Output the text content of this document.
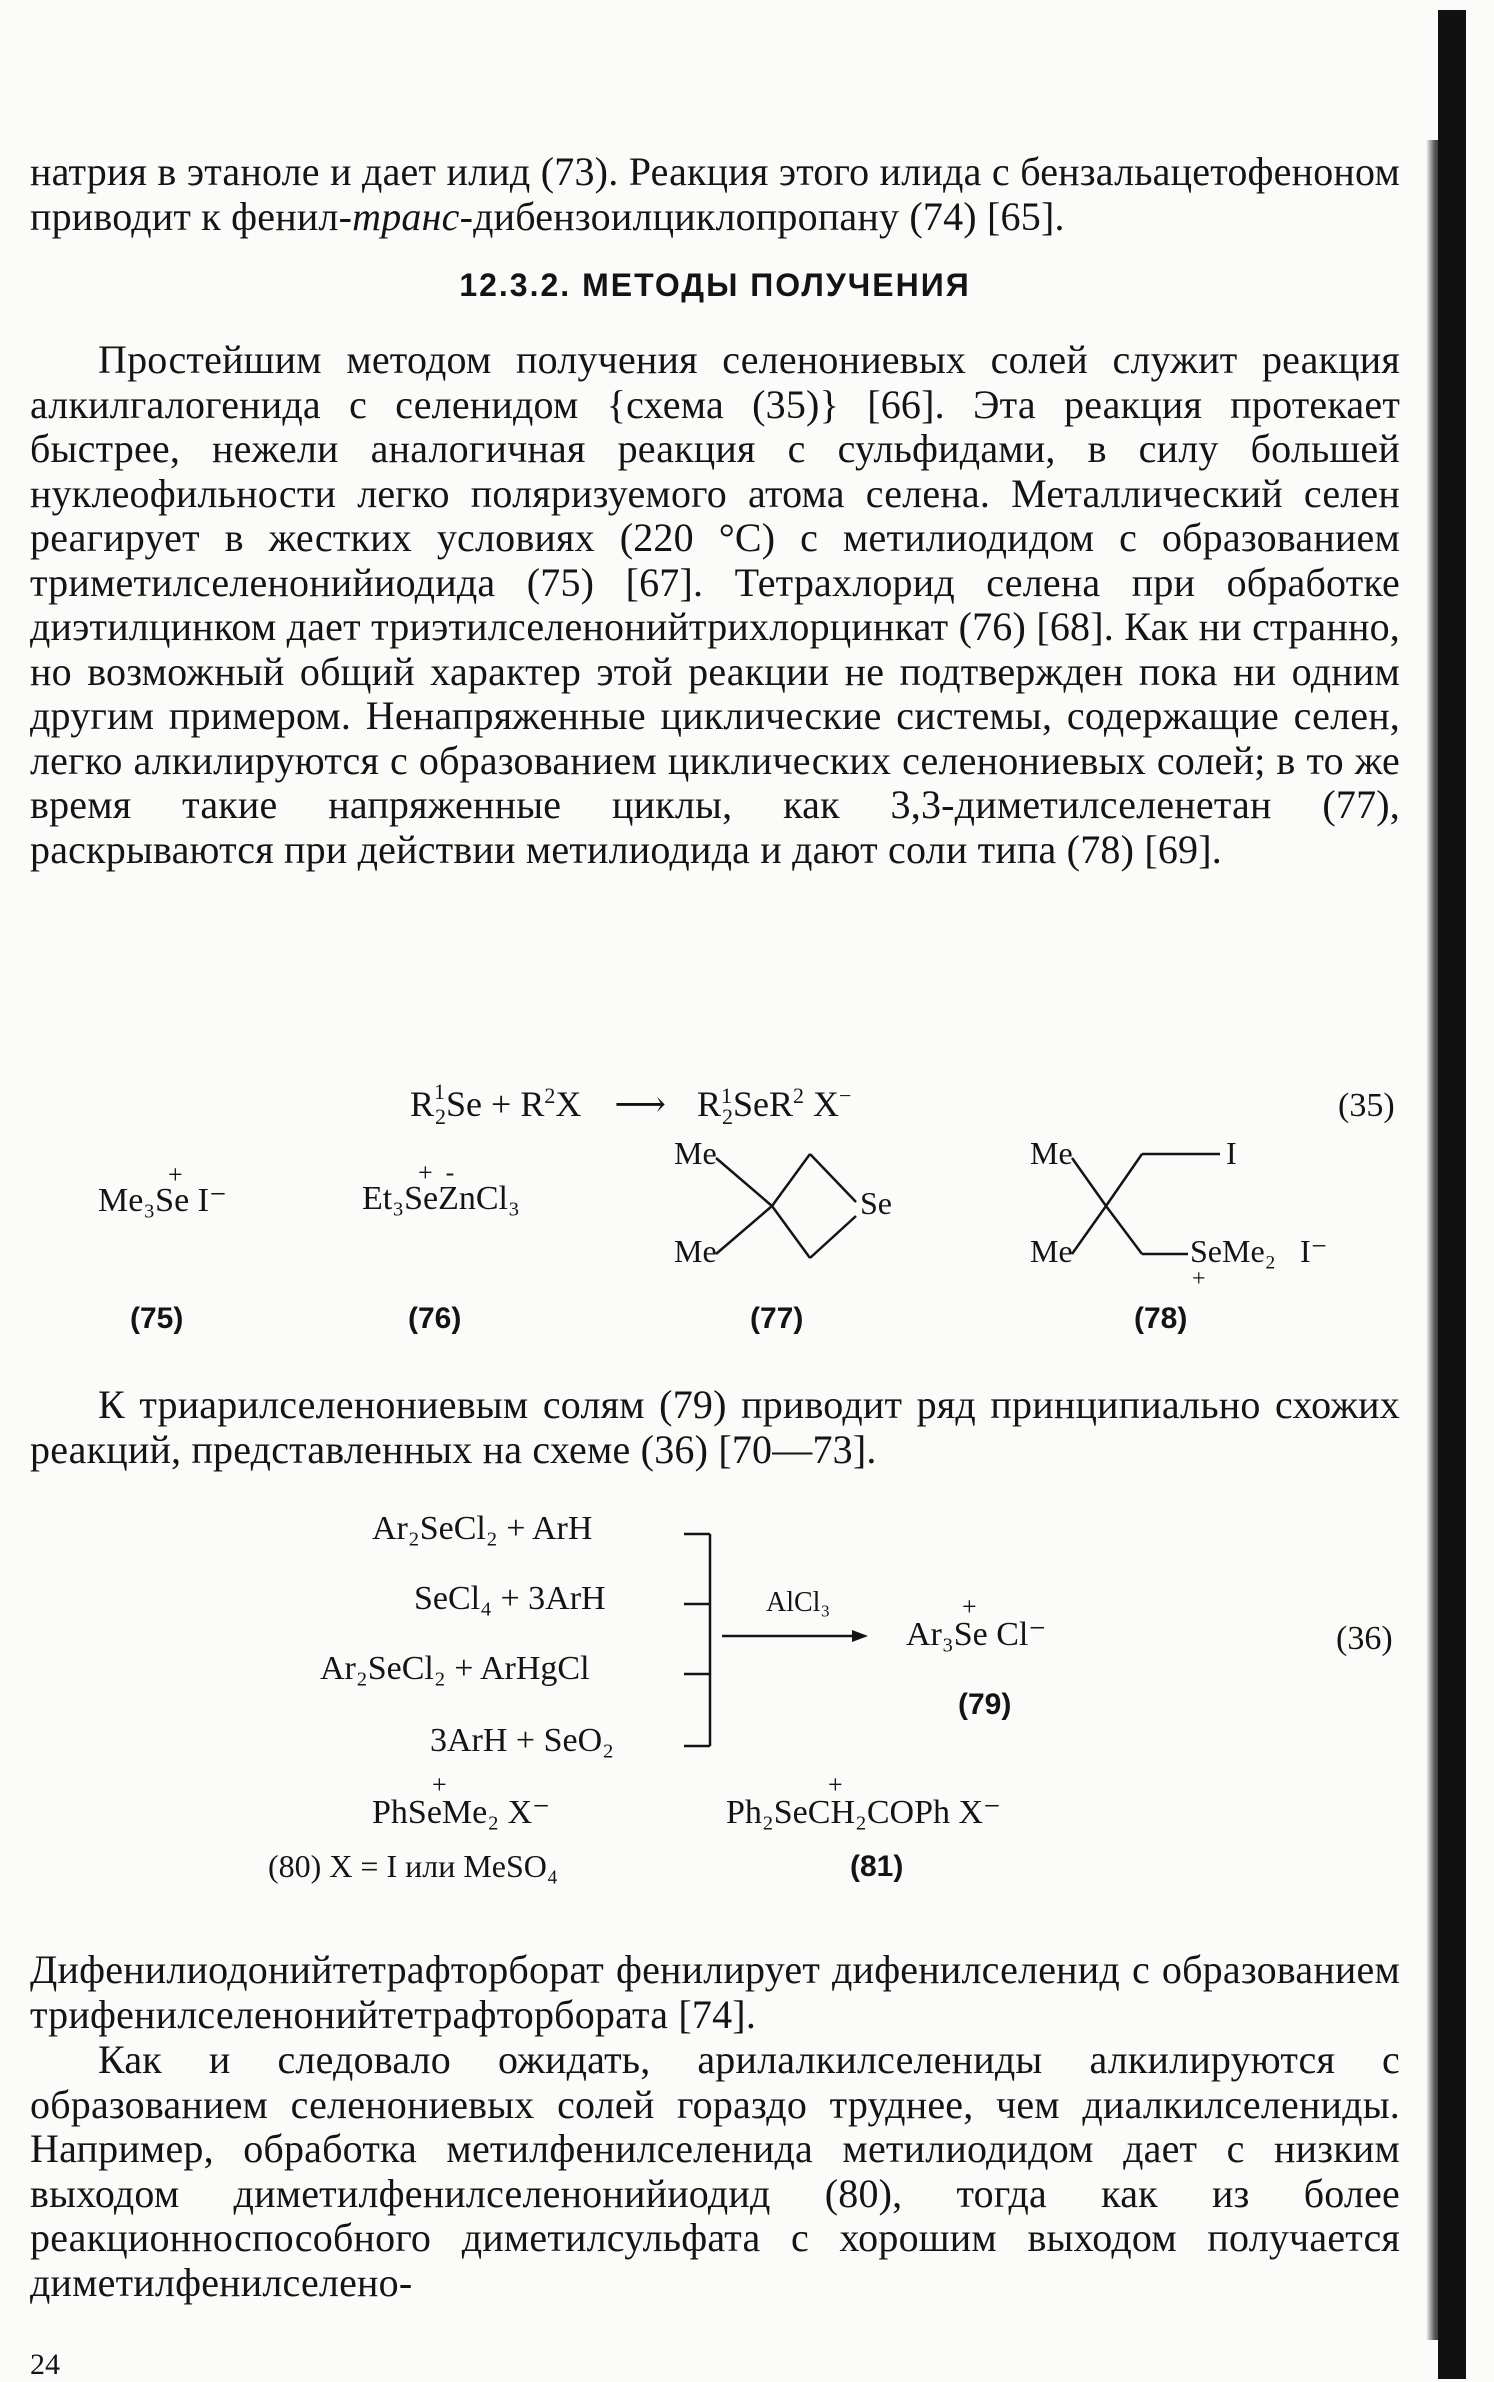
натрия в этаноле и дает илид (73). Реакция этого илида с бензальацетофеноном приводит к фенил-транс-дибензоилциклопропану (74) [65].

12.3.2. МЕТОДЫ ПОЛУЧЕНИЯ

Простейшим методом получения селенониевых солей служит реакция алкилгалогенида с селенидом {схема (35)} [66]. Эта реакция протекает быстрее, нежели аналогичная реакция с сульфидами, в силу большей нуклеофильности легко поляризуемого атома селена. Металлический селен реагирует в жестких условиях (220 °C) с метилиодидом с образованием триметилселенонийиодида (75) [67]. Тетрахлорид селена при обработке диэтилцинком дает триэтилселенонийтрихлорцинкат (76) [68]. Как ни странно, но возможный общий характер этой реакции не подтвержден пока ни одним другим примером. Ненапряженные циклические системы, содержащие селен, легко алкилируются с образованием циклических селенониевых солей; в то же время такие напряженные циклы, как 3,3-диметилселенетан (77), раскрываются при действии метилиодида и дают соли типа (78) [69].

$R^1_2Se + R^2X$ ⟶ $R^1_2SeR^2$ X−	(35)
Me₃Se I⁻
+
(75)
Et₃SeZnCl₃
+  -
(76)
Me
Me
Se
(77)
Me
Me
I
SeMe₂ I⁻
+
(78)

К триарилселенониевым солям (79) приводит ряд принципиально схожих реакций, представленных на схеме (36) [70—73].

Ar₂SeCl₂ + ArH
SeCl₄ + 3ArH
Ar₂SeCl₂ + ArHgCl
3ArH + SeO₂
AlCl₃
Ar₃Se Cl⁻
+
(79)
(36)
PhSeMe₂ X⁻
+
(80) X = I или MeSO₄
Ph₂SeCH₂COPh X⁻
+
(81)

Дифенилиодонийтетрафторборат фенилирует дифенилселенид с образованием трифенилселенонийтетрафторбората [74].

Как и следовало ожидать, арилалкилселениды алкилируются с образованием селенониевых солей гораздо труднее, чем диалкилселениды. Например, обработка метилфенилселенида метилиодидом дает с низким выходом диметилфенилселенонийиодид (80), тогда как из более реакционноспособного диметилсульфата с хорошим выходом получается диметилфенилселено-

24
